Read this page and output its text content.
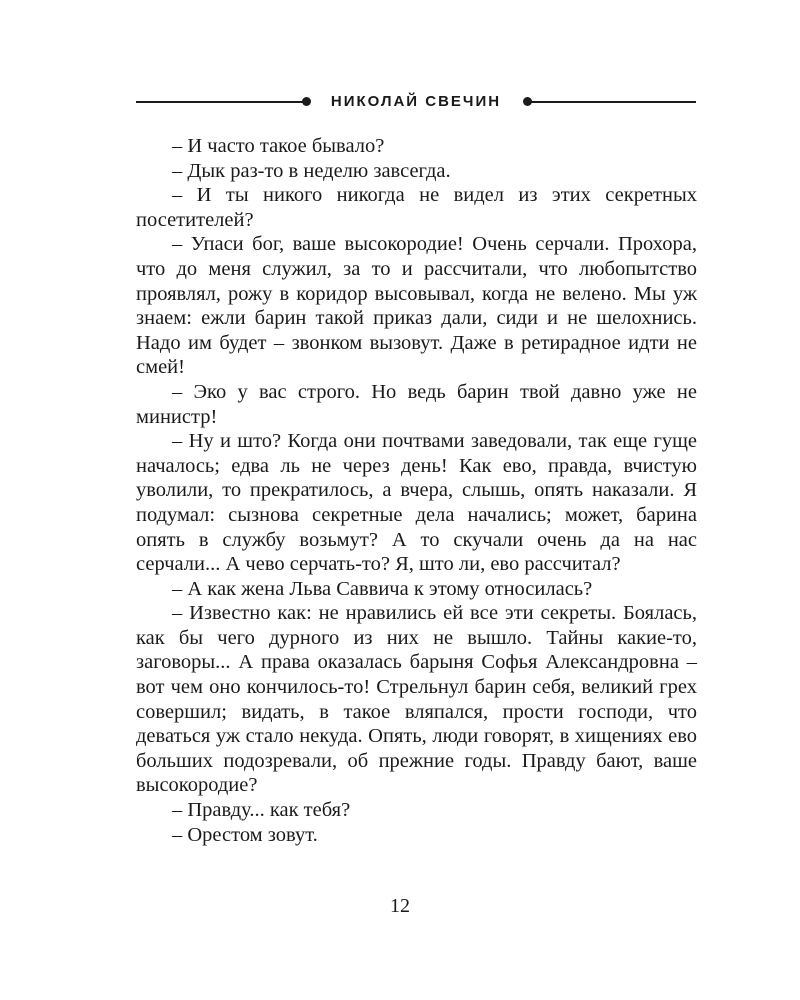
НИКОЛАЙ СВЕЧИН

– И часто такое бывало?

– Дык раз-то в неделю завсегда.

– И ты никого никогда не видел из этих секретных посетителей?

– Упаси бог, ваше высокородие! Очень серчали. Прохора, что до меня служил, за то и рассчитали, что любопытство проявлял, рожу в коридор высовывал, когда не велено. Мы уж знаем: ежли барин такой приказ дали, сиди и не шелохнись. Надо им будет – звонком вызовут. Даже в ретирадное идти не смей!

– Эко у вас строго. Но ведь барин твой давно уже не министр!

– Ну и што? Когда они почтвами заведовали, так еще гуще началось; едва ль не через день! Как ево, правда, вчистую уволили, то прекратилось, а вчера, слышь, опять наказали. Я подумал: сызнова секретные дела начались; может, барина опять в службу возьмут? А то скучали очень да на нас серчали... А чево серчать-то? Я, што ли, ево рассчитал?

– А как жена Льва Саввича к этому относилась?

– Известно как: не нравились ей все эти секреты. Боялась, как бы чего дурного из них не вышло. Тайны какие-то, заговоры... А права оказалась барыня Софья Александровна – вот чем оно кончилось-то! Стрельнул барин себя, великий грех совершил; видать, в такое вляпался, прости господи, что деваться уж стало некуда. Опять, люди говорят, в хищениях ево больших подозревали, об прежние годы. Правду бают, ваше высокородие?

– Правду... как тебя?

– Орестом зовут.

12
